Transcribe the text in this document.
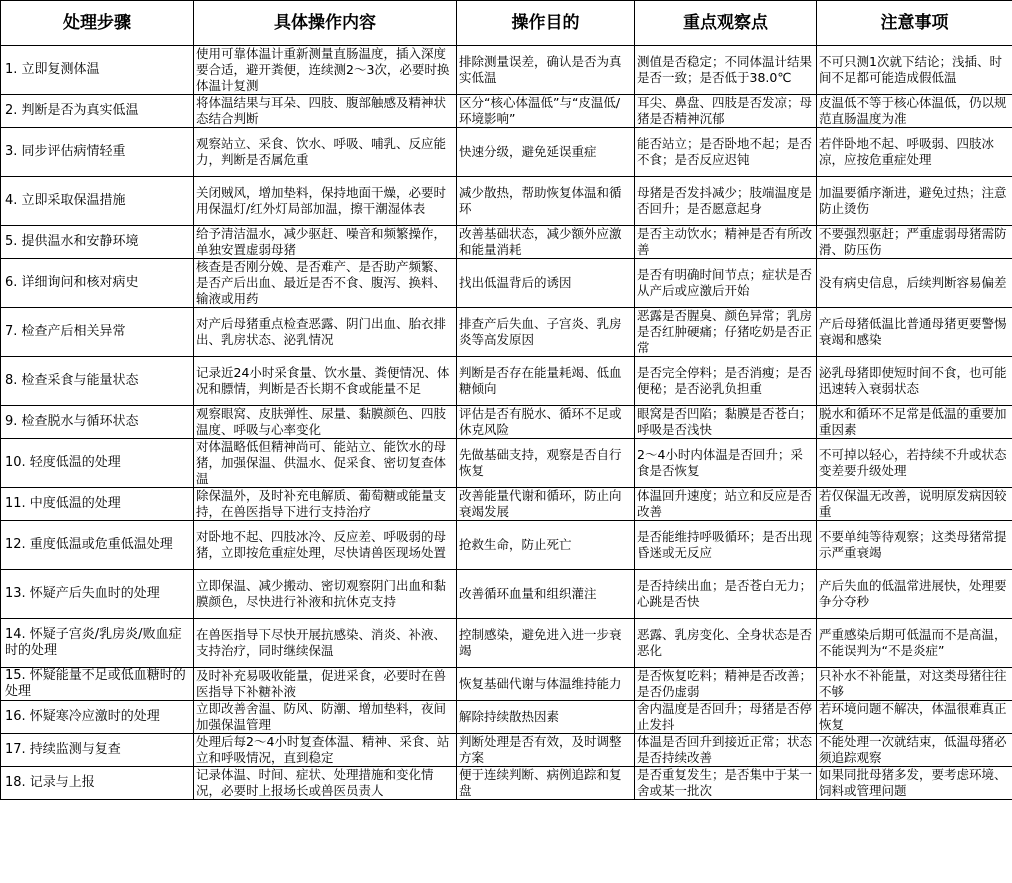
处理步骤	具体操作内容	操作目的	重点观察点	注意事项
1. 立即复测体温	使用可靠体温计重新测量直肠温度，插入深度要合适，避开粪便，连续测2～3次，必要时换体温计复测	排除测量误差，确认是否为真实低温	测值是否稳定；不同体温计结果是否一致；是否低于38.0℃	不可只测1次就下结论；浅插、时间不足都可能造成假低温
2. 判断是否为真实低温	将体温结果与耳朵、四肢、腹部触感及精神状态结合判断	区分“核心体温低”与“皮温低/环境影响”	耳尖、鼻盘、四肢是否发凉；母猪是否精神沉郁	皮温低不等于核心体温低，仍以规范直肠温度为准
3. 同步评估病情轻重	观察站立、采食、饮水、呼吸、哺乳、反应能力，判断是否属危重	快速分级，避免延误重症	能否站立；是否卧地不起；是否不食；是否反应迟钝	若伴卧地不起、呼吸弱、四肢冰凉，应按危重症处理
4. 立即采取保温措施	关闭贼风，增加垫料，保持地面干燥，必要时用保温灯/红外灯局部加温，擦干潮湿体表	减少散热，帮助恢复体温和循环	母猪是否发抖减少；肢端温度是否回升；是否愿意起身	加温要循序渐进，避免过热；注意防止烫伤
5. 提供温水和安静环境	给予清洁温水，减少驱赶、噪音和频繁操作，单独安置虚弱母猪	改善基础状态，减少额外应激和能量消耗	是否主动饮水；精神是否有所改善	不要强烈驱赶；严重虚弱母猪需防滑、防压伤
6. 详细询问和核对病史	核查是否刚分娩、是否难产、是否助产频繁、是否产后出血、最近是否不食、腹泻、换料、输液或用药	找出低温背后的诱因	是否有明确时间节点；症状是否从产后或应激后开始	没有病史信息，后续判断容易偏差
7. 检查产后相关异常	对产后母猪重点检查恶露、阴门出血、胎衣排出、乳房状态、泌乳情况	排查产后失血、子宫炎、乳房炎等高发原因	恶露是否腥臭、颜色异常；乳房是否红肿硬痛；仔猪吃奶是否正常	产后母猪低温比普通母猪更要警惕衰竭和感染
8. 检查采食与能量状态	记录近24小时采食量、饮水量、粪便情况、体况和膘情，判断是否长期不食或能量不足	判断是否存在能量耗竭、低血糖倾向	是否完全停料；是否消瘦；是否便秘；是否泌乳负担重	泌乳母猪即使短时间不食，也可能迅速转入衰弱状态
9. 检查脱水与循环状态	观察眼窝、皮肤弹性、尿量、黏膜颜色、四肢温度、呼吸与心率变化	评估是否有脱水、循环不足或休克风险	眼窝是否凹陷；黏膜是否苍白；呼吸是否浅快	脱水和循环不足常是低温的重要加重因素
10. 轻度低温的处理	对体温略低但精神尚可、能站立、能饮水的母猪，加强保温、供温水、促采食、密切复查体温	先做基础支持，观察是否自行恢复	2～4小时内体温是否回升；采食是否恢复	不可掉以轻心，若持续不升或状态变差要升级处理
11. 中度低温的处理	除保温外，及时补充电解质、葡萄糖或能量支持，在兽医指导下进行支持治疗	改善能量代谢和循环，防止向衰竭发展	体温回升速度；站立和反应是否改善	若仅保温无改善，说明原发病因较重
12. 重度低温或危重低温处理	对卧地不起、四肢冰冷、反应差、呼吸弱的母猪，立即按危重症处理，尽快请兽医现场处置	抢救生命，防止死亡	是否能维持呼吸循环；是否出现昏迷或无反应	不要单纯等待观察；这类母猪常提示严重衰竭
13. 怀疑产后失血时的处理	立即保温、减少搬动、密切观察阴门出血和黏膜颜色，尽快进行补液和抗休克支持	改善循环血量和组织灌注	是否持续出血；是否苍白无力；心跳是否快	产后失血的低温常进展快，处理要争分夺秒
14. 怀疑子宫炎/乳房炎/败血症时的处理	在兽医指导下尽快开展抗感染、消炎、补液、支持治疗，同时继续保温	控制感染，避免进入进一步衰竭	恶露、乳房变化、全身状态是否恶化	严重感染后期可低温而不是高温，不能误判为“不是炎症”
15. 怀疑能量不足或低血糖时的处理	及时补充易吸收能量，促进采食，必要时在兽医指导下补糖补液	恢复基础代谢与体温维持能力	是否恢复吃料；精神是否改善；是否仍虚弱	只补水不补能量，对这类母猪往往不够
16. 怀疑寒冷应激时的处理	立即改善舍温、防风、防潮、增加垫料，夜间加强保温管理	解除持续散热因素	舍内温度是否回升；母猪是否停止发抖	若环境问题不解决，体温很难真正恢复
17. 持续监测与复查	处理后每2～4小时复查体温、精神、采食、站立和呼吸情况，直到稳定	判断处理是否有效，及时调整方案	体温是否回升到接近正常；状态是否持续改善	不能处理一次就结束，低温母猪必须追踪观察
18. 记录与上报	记录体温、时间、症状、处理措施和变化情况，必要时上报场长或兽医员责人	便于连续判断、病例追踪和复盘	是否重复发生；是否集中于某一舍或某一批次	如果同批母猪多发，要考虑环境、饲料或管理问题
